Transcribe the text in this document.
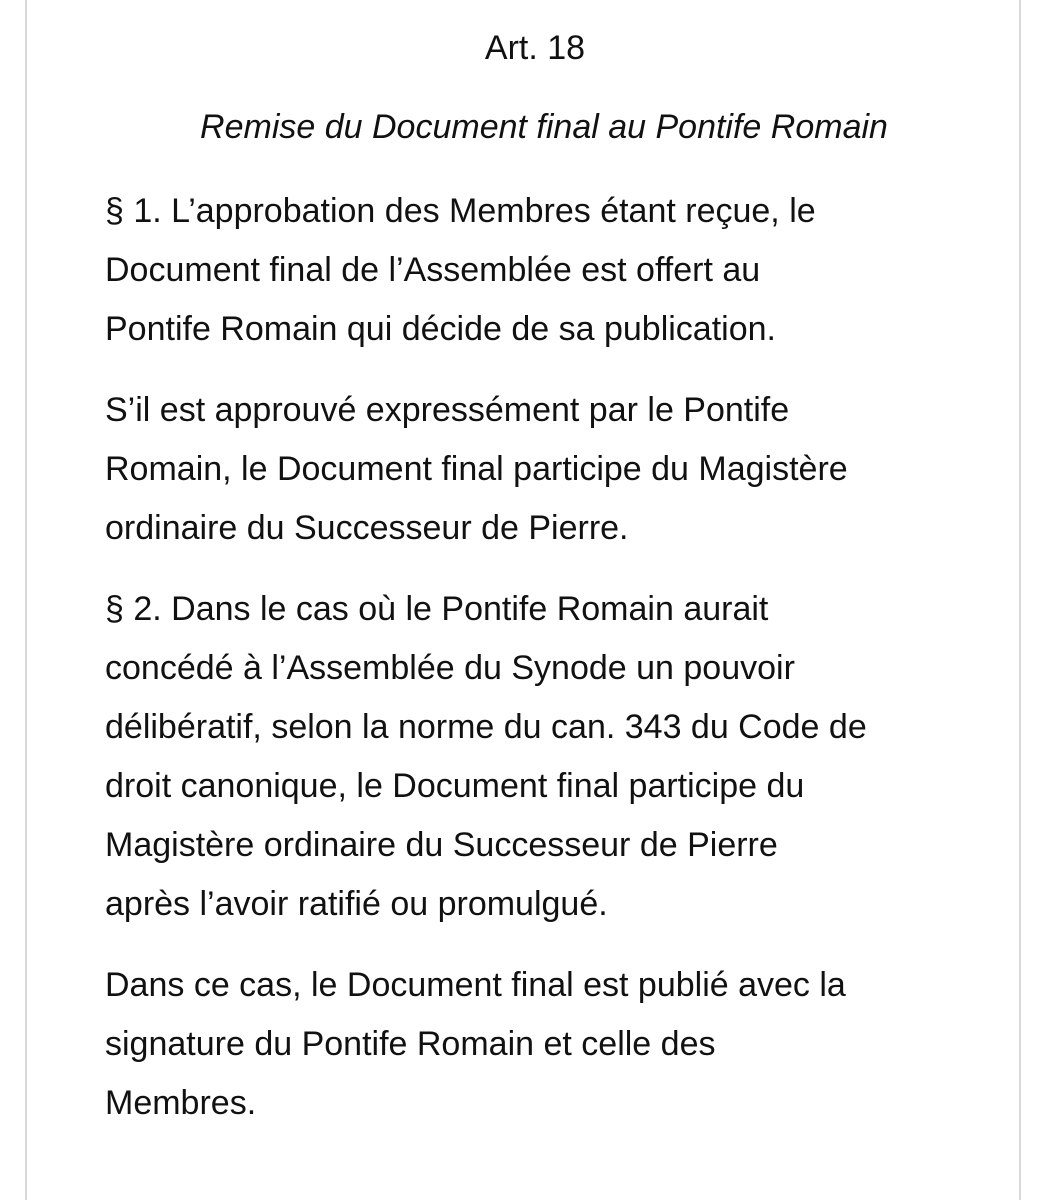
Art. 18

Remise du Document final au Pontife Romain

§ 1. L’approbation des Membres étant reçue, le
Document final de l’Assemblée est offert au
Pontife Romain qui décide de sa publication.

S’il est approuvé expressément par le Pontife
Romain, le Document final participe du Magistère
ordinaire du Successeur de Pierre.

§ 2. Dans le cas où le Pontife Romain aurait
concédé à l’Assemblée du Synode un pouvoir
délibératif, selon la norme du can. 343 du Code de
droit canonique, le Document final participe du
Magistère ordinaire du Successeur de Pierre
après l’avoir ratifié ou promulgué.

Dans ce cas, le Document final est publié avec la
signature du Pontife Romain et celle des
Membres.
